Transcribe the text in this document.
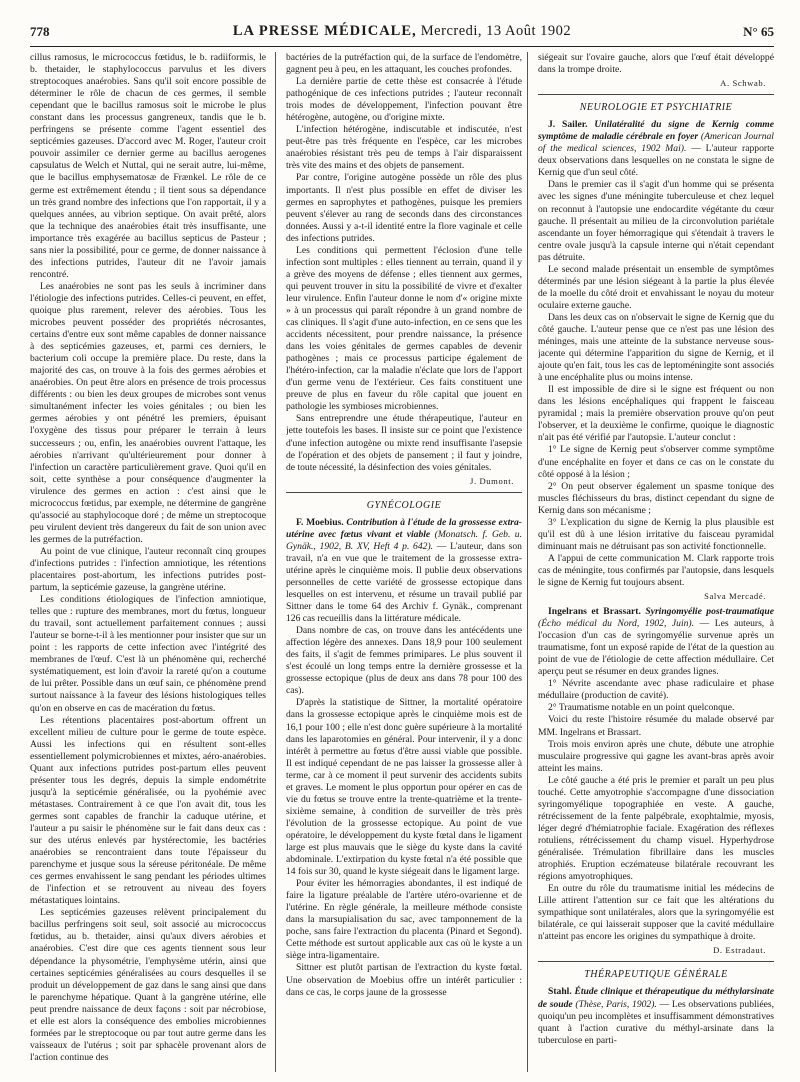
778	LA PRESSE MÉDICALE, Mercredi, 13 Août 1902	N° 65

cillus ramosus, le micrococcus fœtidus, le b. radiiformis, le b. thetaider, le staphylococcus parvulus et les divers streptocoques anaérobies. Sans qu'il soit encore possible de déterminer le rôle de chacun de ces germes, il semble cependant que le bacillus ramosus soit le microbe le plus constant dans les processus gangreneux, tandis que le b. perfringens se présente comme l'agent essentiel des septicémies gazeuses. D'accord avec M. Roger, l'auteur croit pouvoir assimiler ce dernier germe au bacillus aerogenes capsulatus de Welch et Nuttal, qui ne serait autre, lui-même, que le bacillus emphysematosæ de Frænkel. Le rôle de ce germe est extrêmement étendu ; il tient sous sa dépendance un très grand nombre des infections que l'on rapportait, il y a quelques années, au vibrion septique. On avait prêté, alors que la technique des anaérobies était très insuffisante, une importance très exagérée au bacillus septicus de Pasteur ; sans nier la possibilité, pour ce germe, de donner naissance à des infections putrides, l'auteur dit ne l'avoir jamais rencontré.

Les anaérobies ne sont pas les seuls à incriminer dans l'étiologie des infections putrides. Celles-ci peuvent, en effet, quoique plus rarement, relever des aérobies. Tous les microbes peuvent posséder des propriétés nécrosantes, certains d'entre eux sont même capables de donner naissance à des septicémies gazeuses, et, parmi ces derniers, le bacterium coli occupe la première place. Du reste, dans la majorité des cas, on trouve à la fois des germes aérobies et anaérobies. On peut être alors en présence de trois processus différents : ou bien les deux groupes de microbes sont venus simultanément infecter les voies génitales ; ou bien les germes aérobies y ont pénétré les premiers, épuisant l'oxygène des tissus pour préparer le terrain à leurs successeurs ; ou, enfin, les anaérobies ouvrent l'attaque, les aérobies n'arrivant qu'ultérieurement pour donner à l'infection un caractère particulièrement grave. Quoi qu'il en soit, cette synthèse a pour conséquence d'augmenter la virulence des germes en action : c'est ainsi que le micrococcus fœtidus, par exemple, ne détermine de gangrène qu'associé au staphylocoque doré ; de même un streptocoque peu virulent devient très dangereux du fait de son union avec les germes de la putréfaction.

Au point de vue clinique, l'auteur reconnaît cinq groupes d'infections putrides : l'infection amniotique, les rétentions placentaires post-abortum, les infections putrides post-partum, la septicémie gazeuse, la gangrène utérine.

Les conditions étiologiques de l'infection amniotique, telles que : rupture des membranes, mort du fœtus, longueur du travail, sont actuellement parfaitement connues ; aussi l'auteur se borne-t-il à les mentionner pour insister que sur un point : les rapports de cette infection avec l'intégrité des membranes de l'œuf. C'est là un phénomène qui, recherché systématiquement, est loin d'avoir la rareté qu'on a coutume de lui prêter. Possible dans un œuf sain, ce phénomène prend surtout naissance à la faveur des lésions histologiques telles qu'on en observe en cas de macération du fœtus.

Les rétentions placentaires post-abortum offrent un excellent milieu de culture pour le germe de toute espèce. Aussi les infections qui en résultent sont-elles essentiellement polymicrobiennes et mixtes, aéro-anaérobies. Quant aux infections putrides post-partum elles peuvent présenter tous les degrés, depuis la simple endométrite jusqu'à la septicémie généralisée, ou la pyohémie avec métastases. Contrairement à ce que l'on avait dit, tous les germes sont capables de franchir la caduque utérine, et l'auteur a pu saisir le phénomène sur le fait dans deux cas : sur des utérus enlevés par hystérectomie, les bactéries anaérobies se rencontraient dans toute l'épaisseur du parenchyme et jusque sous la séreuse péritonéale. De même ces germes envahissent le sang pendant les périodes ultimes de l'infection et se retrouvent au niveau des foyers métastatiques lointains.

Les septicémies gazeuses relèvent principalement du bacillus perfringens soit seul, soit associé au micrococcus fœtidus, au b. thetaider, ainsi qu'aux divers aérobies et anaérobies. C'est dire que ces agents tiennent sous leur dépendance la physométrie, l'emphysème utérin, ainsi que certaines septicémies généralisées au cours desquelles il se produit un développement de gaz dans le sang ainsi que dans le parenchyme hépatique. Quant à la gangrène utérine, elle peut prendre naissance de deux façons : soit par nécrobiose, et elle est alors la conséquence des embolies microbiennes formées par le streptocoque ou par tout autre germe dans les vaisseaux de l'utérus ; soit par sphacèle provenant alors de l'action continue des

bactéries de la putréfaction qui, de la surface de l'endomètre, gagnent peu à peu, en les attaquant, les couches profondes.

La dernière partie de cette thèse est consacrée à l'étude pathogénique de ces infections putrides ; l'auteur reconnaît trois modes de développement, l'infection pouvant être hétérogène, autogène, ou d'origine mixte.

L'infection hétérogène, indiscutable et indiscutée, n'est peut-être pas très fréquente en l'espèce, car les microbes anaérobies résistant très peu de temps à l'air disparaissent très vite des mains et des objets de pansement.

Par contre, l'origine autogène possède un rôle des plus importants. Il n'est plus possible en effet de diviser les germes en saprophytes et pathogènes, puisque les premiers peuvent s'élever au rang de seconds dans des circonstances données. Aussi y a-t-il identité entre la flore vaginale et celle des infections putrides.

Les conditions qui permettent l'éclosion d'une telle infection sont multiples : elles tiennent au terrain, quand il y a grève des moyens de défense ; elles tiennent aux germes, qui peuvent trouver in situ la possibilité de vivre et d'exalter leur virulence. Enfin l'auteur donne le nom d'« origine mixte » à un processus qui paraît répondre à un grand nombre de cas cliniques. Il s'agit d'une auto-infection, en ce sens que les accidents nécessitent, pour prendre naissance, la présence dans les voies génitales de germes capables de devenir pathogènes ; mais ce processus participe également de l'hétéro-infection, car la maladie n'éclate que lors de l'apport d'un germe venu de l'extérieur. Ces faits constituent une preuve de plus en faveur du rôle capital que jouent en pathologie les symbioses microbiennes.

Sans entreprendre une étude thérapeutique, l'auteur en jette toutefois les bases. Il insiste sur ce point que l'existence d'une infection autogène ou mixte rend insuffisante l'asepsie de l'opération et des objets de pansement ; il faut y joindre, de toute nécessité, la désinfection des voies génitales.

J. Dumont.
GYNÉCOLOGIE

F. Moebius. Contribution à l'étude de la grossesse extra-utérine avec fœtus vivant et viable (Monatsch. f. Geb. u. Gynäk., 1902, B. XV, Heft 4 p. 642). — L'auteur, dans son travail, n'a en vue que le traitement de la grossesse extra-utérine après le cinquième mois. Il publie deux observations personnelles de cette variété de grossesse ectopique dans lesquelles on est intervenu, et résume un travail publié par Sittner dans le tome 64 des Archiv f. Gynäk., comprenant 126 cas recueillis dans la littérature médicale.

Dans nombre de cas, on trouve dans les antécédents une affection légère des annexes. Dans 18,9 pour 100 seulement des faits, il s'agit de femmes primipares. Le plus souvent il s'est écoulé un long temps entre la dernière grossesse et la grossesse ectopique (plus de deux ans dans 78 pour 100 des cas).

D'après la statistique de Sittner, la mortalité opératoire dans la grossesse ectopique après le cinquième mois est de 16,1 pour 100 ; elle n'est donc guère supérieure à la mortalité dans les laparotomies en général. Pour intervenir, il y a donc intérêt à permettre au fœtus d'être aussi viable que possible. Il est indiqué cependant de ne pas laisser la grossesse aller à terme, car à ce moment il peut survenir des accidents subits et graves. Le moment le plus opportun pour opérer en cas de vie du fœtus se trouve entre la trente-quatrième et la trente-sixième semaine, à condition de surveiller de très près l'évolution de la grossesse ectopique. Au point de vue opératoire, le développement du kyste fœtal dans le ligament large est plus mauvais que le siège du kyste dans la cavité abdominale. L'extirpation du kyste fœtal n'a été possible que 14 fois sur 30, quand le kyste siégeait dans le ligament large.

Pour éviter les hémorragies abondantes, il est indiqué de faire la ligature préalable de l'artère utéro-ovarienne et de l'utérine. En règle générale, la meilleure méthode consiste dans la marsupialisation du sac, avec tamponnement de la poche, sans faire l'extraction du placenta (Pinard et Segond). Cette méthode est surtout applicable aux cas où le kyste a un siège intra-ligamentaire.

Sittner est plutôt partisan de l'extraction du kyste fœtal. Une observation de Moebius offre un intérêt particulier : dans ce cas, le corps jaune de la grossesse

siégeait sur l'ovaire gauche, alors que l'œuf était développé dans la trompe droite.

A. Schwab.
NEUROLOGIE ET PSYCHIATRIE

J. Sailer. Unilatéralité du signe de Kernig comme symptôme de maladie cérébrale en foyer (American Journal of the medical sciences, 1902 Mai). — L'auteur rapporte deux observations dans lesquelles on ne constata le signe de Kernig que d'un seul côté.

Dans le premier cas il s'agit d'un homme qui se présenta avec les signes d'une méningite tuberculeuse et chez lequel on reconnut à l'autopsie une endocardite végétante du cœur gauche. Il présentait au milieu de la circonvolution pariétale ascendante un foyer hémorragique qui s'étendait à travers le centre ovale jusqu'à la capsule interne qui n'était cependant pas détruite.

Le second malade présentait un ensemble de symptômes déterminés par une lésion siégeant à la partie la plus élevée de la moelle du côté droit et envahissant le noyau du moteur oculaire externe gauche.

Dans les deux cas on n'observait le signe de Kernig que du côté gauche. L'auteur pense que ce n'est pas une lésion des méninges, mais une atteinte de la substance nerveuse sous-jacente qui détermine l'apparition du signe de Kernig, et il ajoute qu'en fait, tous les cas de leptoméningite sont associés à une encéphalite plus ou moins intense.

Il est impossible de dire si le signe est fréquent ou non dans les lésions encéphaliques qui frappent le faisceau pyramidal ; mais la première observation prouve qu'on peut l'observer, et la deuxième le confirme, quoique le diagnostic n'ait pas été vérifié par l'autopsie. L'auteur conclut :

1° Le signe de Kernig peut s'observer comme symptôme d'une encéphalite en foyer et dans ce cas on le constate du côté opposé à la lésion ;

2° On peut observer également un spasme tonique des muscles fléchisseurs du bras, distinct cependant du signe de Kernig dans son mécanisme ;

3° L'explication du signe de Kernig la plus plausible est qu'il est dû à une lésion irritative du faisceau pyramidal diminuant mais ne détruisant pas son activité fonctionnelle.

A l'appui de cette communication M. Clark rapporte trois cas de méningite, tous confirmés par l'autopsie, dans lesquels le signe de Kernig fut toujours absent.

Salva Mercadé.

Ingelrans et Brassart. Syringomyélie post-traumatique (Écho médical du Nord, 1902, Juin). — Les auteurs, à l'occasion d'un cas de syringomyélie survenue après un traumatisme, font un exposé rapide de l'état de la question au point de vue de l'étiologie de cette affection médullaire. Cet aperçu peut se résumer en deux grandes lignes.

1° Névrite ascendante avec phase radiculaire et phase médullaire (production de cavité).

2° Traumatisme notable en un point quelconque.

Voici du reste l'histoire résumée du malade observé par MM. Ingelrans et Brassart.

Trois mois environ après une chute, débute une atrophie musculaire progressive qui gagne les avant-bras après avoir atteint les mains.

Le côté gauche a été pris le premier et paraît un peu plus touché. Cette amyotrophie s'accompagne d'une dissociation syringomyélique topographiée en veste. A gauche, rétrécissement de la fente palpébrale, exophtalmie, myosis, léger degré d'hémiatrophie faciale. Exagération des réflexes rotuliens, rétrécissement du champ visuel. Hyperhydrose généralisée. Trémulation fibrillaire dans les muscles atrophiés. Eruption eczémateuse bilatérale recouvrant les régions amyotrophiques.

En outre du rôle du traumatisme initial les médecins de Lille attirent l'attention sur ce fait que les altérations du sympathique sont unilatérales, alors que la syringomyélie est bilatérale, ce qui laisserait supposer que la cavité médullaire n'atteint pas encore les origines du sympathique à droite.

D. Estradaut.
THÉRAPEUTIQUE GÉNÉRALE

Stahl. Étude clinique et thérapeutique du méthylarsinate de soude (Thèse, Paris, 1902). — Les observations publiées, quoiqu'un peu incomplètes et insuffisamment démonstratives quant à l'action curative du méthyl-arsinate dans la tuberculose en parti-
